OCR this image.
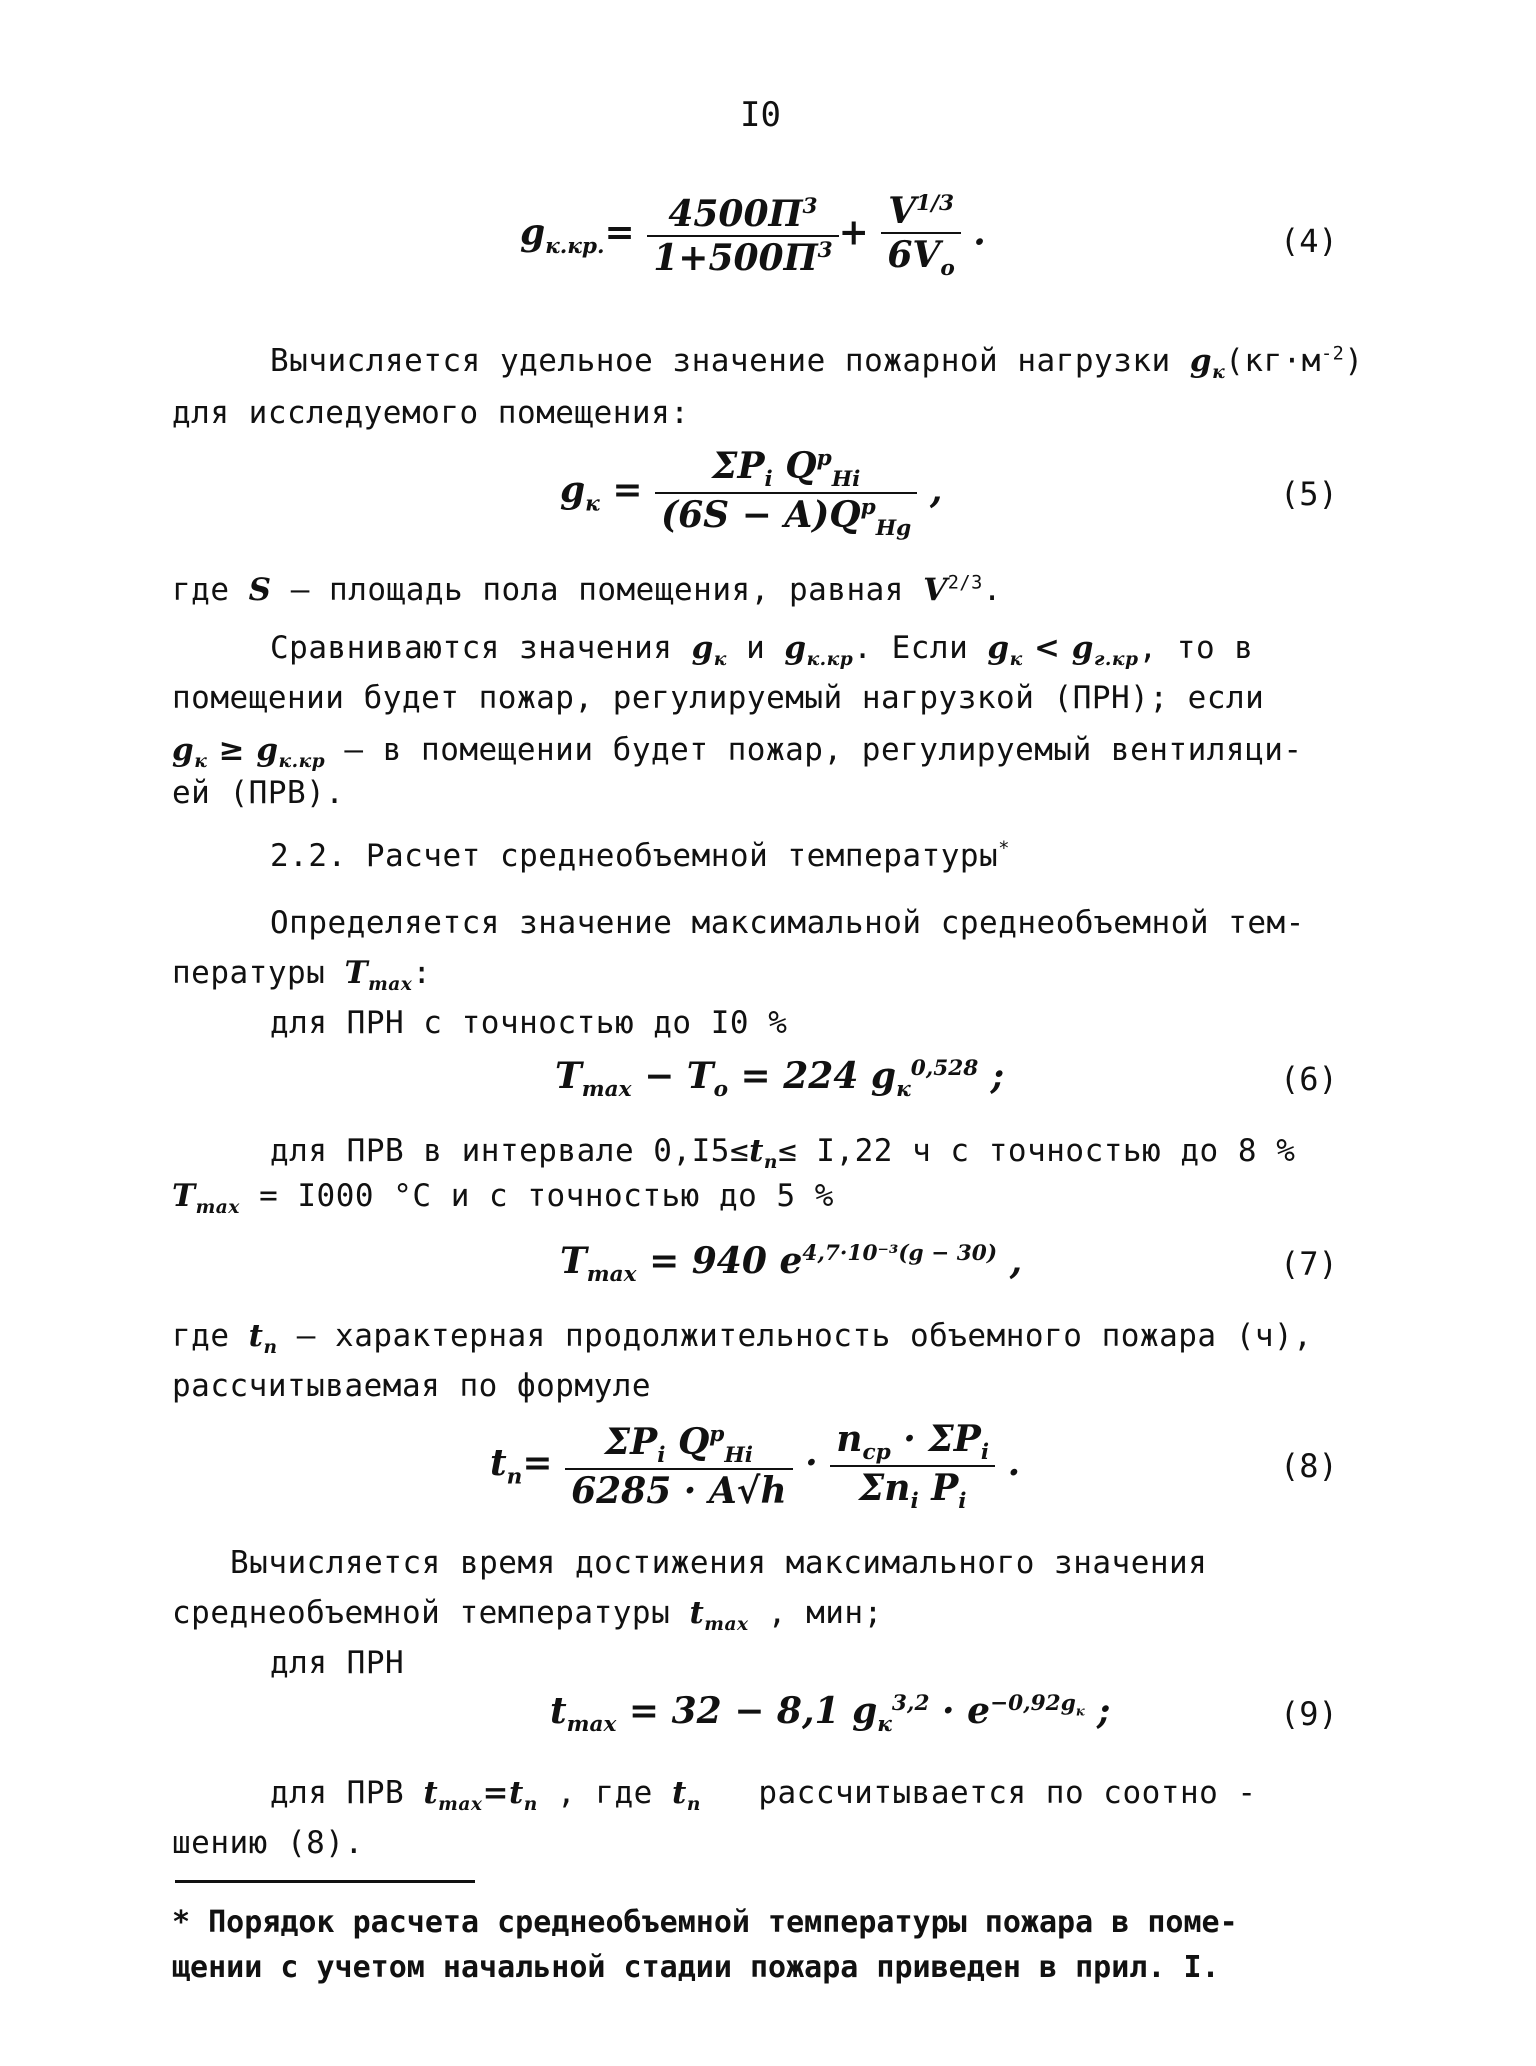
I0
$g_{к.кр.}= \frac{4500П^3}{1+500П^3} + \frac{V^{1/3}}{6V_o}$ .	(4)
Вычисляется удельное значение пожарной нагрузки $g_к(кг\cdot м^{-2})$
для исследуемого помещения:
$g_к = \frac{\Sigma P_i Q^р_{Hi}}{(6S - A)Q^р_{Hg}}$ ,	(5)
где S – площадь пола помещения, равная $V^{2/3}$.
Сравниваются значения $g_к$ и $g_{к.кр}$. Если $g_к < g_{г.кр}$, то в
помещении будет пожар, регулируемый нагрузкой (ПРН); если
$g_к \ge g_{к.кр} - в$ помещении будет пожар, регулируемый вентиляци-
ей (ПРВ).
2.2. Расчет среднеобъемной температуры*
Определяется значение максимальной среднеобъемной тем-
пературы $T_{max}$:
для ПРН с точностью до I0 %
$T_{max} - T_o = 224$ $g_к^{0,528}$ ;	(6)
для ПРВ в интервале $0,I5\le t_п\le I,22$ ч с точностью до 8 %
$T_{max} = I000$ °С и с точностью до 5 %
$T_{max} = 940$ $e^{4,7\cdot 10^{-3}(g - 30)}$ ,	(7)
где $t_п$ – характерная продолжительность объемного пожара (ч),
рассчитываемая по формуле
$t_п= \frac{\Sigma P_i Q^р_{Hi}}{6285 \cdot A√h} \cdot \frac{n_{ср} \cdot \Sigma P_i}{\Sigma n_i P_i}$ .	(8)
Вычисляется время достижения максимального значения
среднеобъемной температуры $t_{max}$ , мин;
для ПРН
$t_{max} = 32 - 8,1$ $g_к^{3,2} \cdot e^{-0,92g_к}$ ;	(9)
для ПРВ $t_{max}=t_п$ , где $t_п$ рассчитывается по соотно -
шению (8).
* Порядок расчета среднеобъемной температуры пожара в поме-
щении с учетом начальной стадии пожара приведен в прил. I.
